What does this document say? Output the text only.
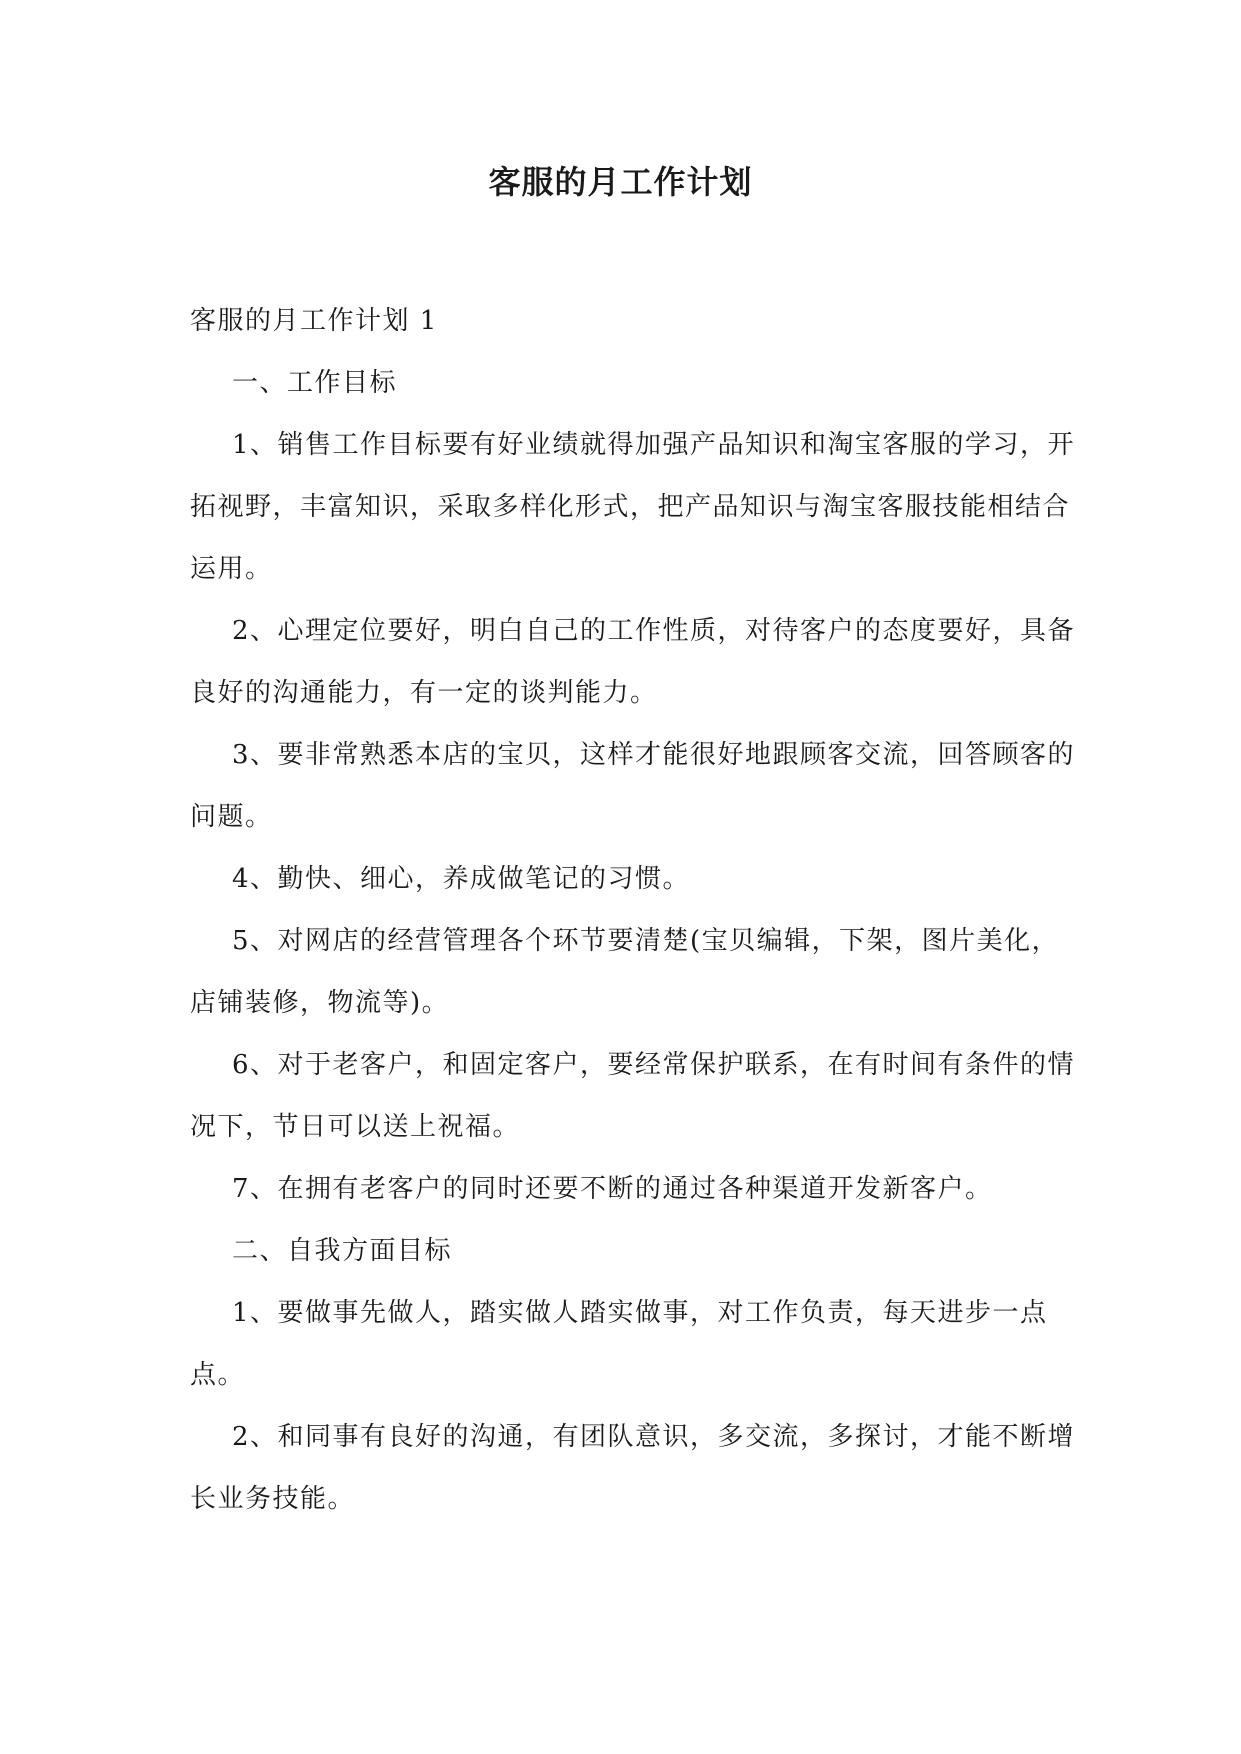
客服的月工作计划

客服的月工作计划 1

一、工作目标

1、销售工作目标要有好业绩就得加强产品知识和淘宝客服的学习，开拓视野，丰富知识，采取多样化形式，把产品知识与淘宝客服技能相结合运用。

2、心理定位要好，明白自己的工作性质，对待客户的态度要好，具备良好的沟通能力，有一定的谈判能力。

3、要非常熟悉本店的宝贝，这样才能很好地跟顾客交流，回答顾客的问题。

4、勤快、细心，养成做笔记的习惯。

5、对网店的经营管理各个环节要清楚(宝贝编辑，下架，图片美化，店铺装修，物流等)。

6、对于老客户，和固定客户，要经常保护联系，在有时间有条件的情况下，节日可以送上祝福。

7、在拥有老客户的同时还要不断的通过各种渠道开发新客户。

二、自我方面目标

1、要做事先做人，踏实做人踏实做事，对工作负责，每天进步一点点。

2、和同事有良好的沟通，有团队意识，多交流，多探讨，才能不断增长业务技能。
